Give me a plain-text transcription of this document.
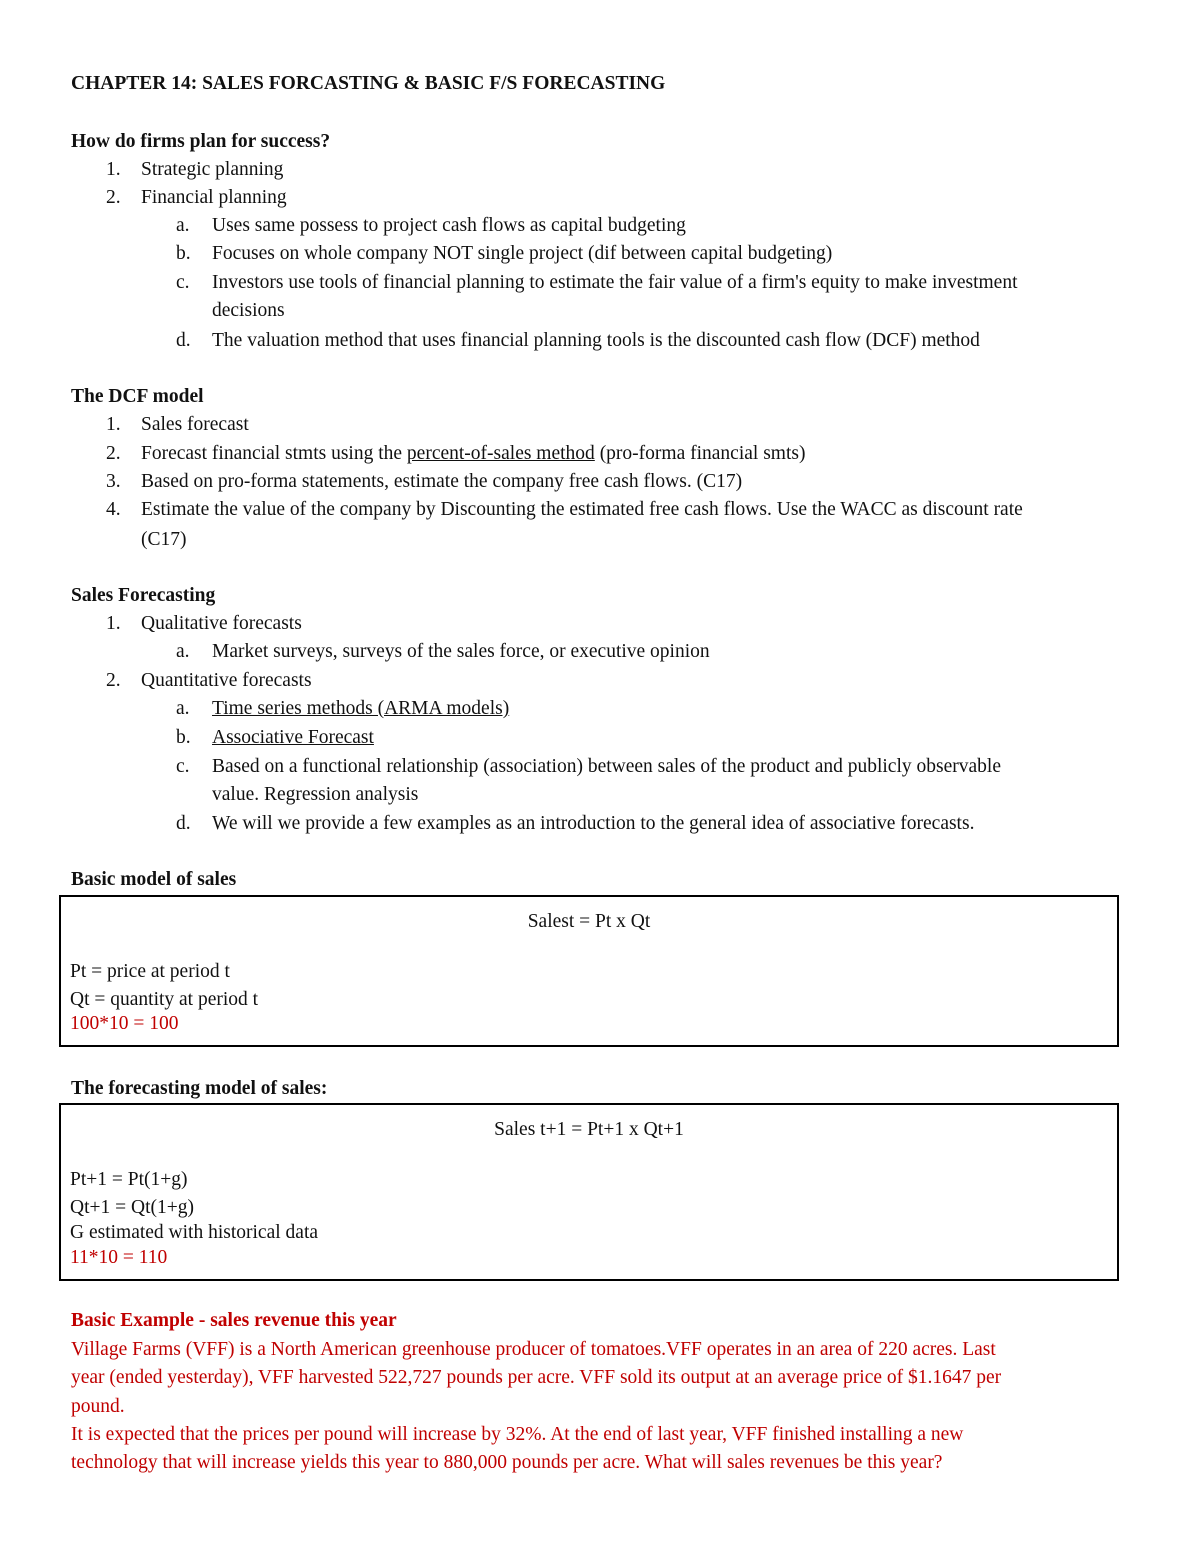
CHAPTER 14: SALES FORCASTING & BASIC F/S FORECASTING
How do firms plan for success?
1. Strategic planning
2. Financial planning
a. Uses same possess to project cash flows as capital budgeting
b. Focuses on whole company NOT single project (dif between capital budgeting)
c. Investors use tools of financial planning to estimate the fair value of a firm's equity to make investment
decisions
d. The valuation method that uses financial planning tools is the discounted cash flow (DCF) method
The DCF model
1. Sales forecast
2. Forecast financial stmts using the percent-of-sales method (pro-forma financial smts)
3. Based on pro-forma statements, estimate the company free cash flows. (C17)
4. Estimate the value of the company by Discounting the estimated free cash flows. Use the WACC as discount rate
(C17)
Sales Forecasting
1. Qualitative forecasts
a. Market surveys, surveys of the sales force, or executive opinion
2. Quantitative forecasts
a. Time series methods (ARMA models)
b. Associative Forecast
c. Based on a functional relationship (association) between sales of the product and publicly observable
value. Regression analysis
d. We will we provide a few examples as an introduction to the general idea of associative forecasts.
Basic model of sales
Salest = Pt x Qt
Pt = price at period t
Qt = quantity at period t
100*10 = 100
The forecasting model of sales:
Sales t+1 = Pt+1 x Qt+1
Pt+1 = Pt(1+g)
Qt+1 = Qt(1+g)
G estimated with historical data
11*10 = 110
Basic Example - sales revenue this year
Village Farms (VFF) is a North American greenhouse producer of tomatoes.VFF operates in an area of 220 acres. Last
year (ended yesterday), VFF harvested 522,727 pounds per acre. VFF sold its output at an average price of $1.1647 per
pound.
It is expected that the prices per pound will increase by 32%. At the end of last year, VFF finished installing a new
technology that will increase yields this year to 880,000 pounds per acre. What will sales revenues be this year?
